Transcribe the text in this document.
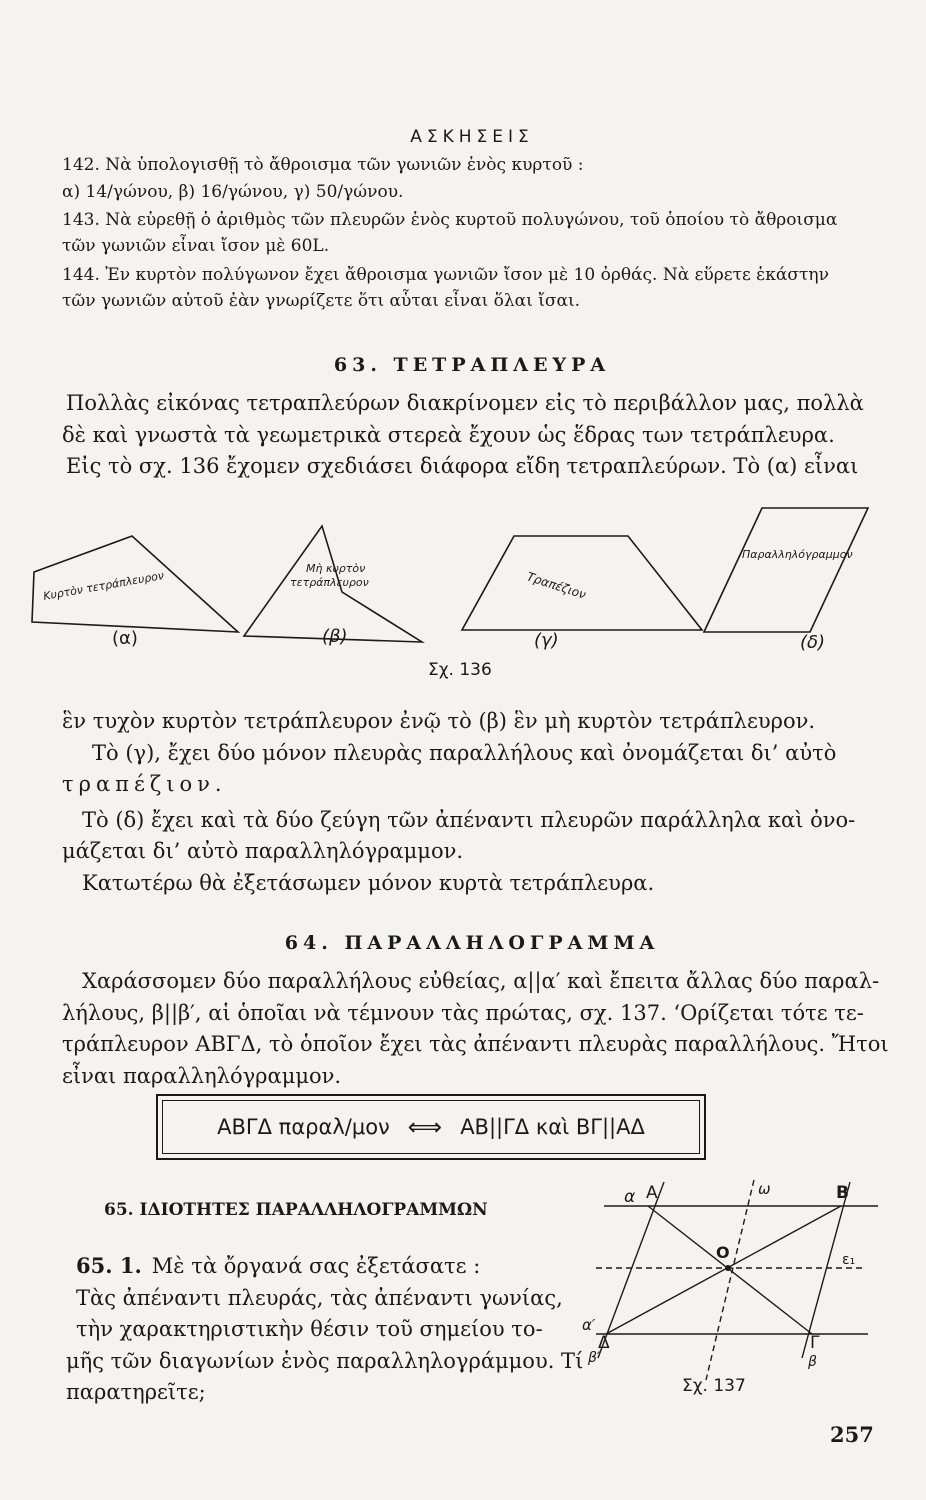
ΑΣΚΗΣΕΙΣ

142. Νὰ ὑπολογισθῇ τὸ ἄθροισμα τῶν γωνιῶν ἑνὸς κυρτοῦ :

α) 14/γώνου, β) 16/γώνου, γ) 50/γώνου.

143. Νὰ εὑρεθῇ ὁ ἀριθμὸς τῶν πλευρῶν ἑνὸς κυρτοῦ πολυγώνου, τοῦ ὁποίου τὸ ἄθροισμα

τῶν γωνιῶν εἶναι ἴσον μὲ 60L.

144. Ἐν κυρτὸν πολύγωνον ἔχει ἄθροισμα γωνιῶν ἴσον μὲ 10 ὀρθάς. Νὰ εὕρετε ἑκάστην

τῶν γωνιῶν αὐτοῦ ἐὰν γνωρίζετε ὅτι αὗται εἶναι ὅλαι ἴσαι.

63. ΤΕΤΡΑΠΛΕΥΡΑ

Πολλὰς εἰκόνας τετραπλεύρων διακρίνομεν εἰς τὸ περιβάλλον μας, πολλὰ

δὲ καὶ γνωστὰ τὰ γεωμετρικὰ στερεὰ ἔχουν ὡς ἕδρας των τετράπλευρα.

Εἰς τὸ σχ. 136 ἔχομεν σχεδιάσει διάφορα εἴδη τετραπλεύρων. Τὸ (α) εἶναι

Κυρτὸν τετράπλευρον
Μὴ κυρτὸν
τετράπλευρον	Τραπέζιον
Παραλληλόγραμμον
(α)	(β)	(γ)	(δ)
Σχ. 136

ἓν τυχὸν κυρτὸν τετράπλευρον ἐνῷ τὸ (β) ἓν μὴ κυρτὸν τετράπλευρον.

Τὸ (γ), ἔχει δύο μόνον πλευρὰς παραλλήλους καὶ ὀνομάζεται δι’ αὐτὸ

τραπέζιον.

Τὸ (δ) ἔχει καὶ τὰ δύο ζεύγη τῶν ἀπέναντι πλευρῶν παράλληλα καὶ ὀνο-

μάζεται δι’ αὐτὸ παραλληλόγραμμον.

Κατωτέρω θὰ ἐξετάσωμεν μόνον κυρτὰ τετράπλευρα.

64. ΠΑΡΑΛΛΗΛΟΓΡΑΜΜΑ

Χαράσσομεν δύο παραλλήλους εὐθείας, α||α′ καὶ ἔπειτα ἄλλας δύο παραλ-

λήλους, β||β′, αἱ ὁποῖαι νὰ τέμνουν τὰς πρώτας, σχ. 137. ‘Ορίζεται τότε τε-

τράπλευρον ΑΒΓΔ, τὸ ὁποῖον ἔχει τὰς ἀπέναντι πλευρὰς παραλλήλους. Ἤτοι

εἶναι παραλληλόγραμμον.

ΑΒΓΔ παραλ/μον ⟺ ΑΒ||ΓΔ καὶ ΒΓ||ΑΔ
65. ΙΔΙΟΤΗΤΕΣ ΠΑΡΑΛΛΗΛΟΓΡΑΜΜΩΝ

65. 1. Μὲ τὰ ὄργανά σας ἐξετάσατε :

Τὰς ἀπέναντι πλευράς, τὰς ἀπέναντι γωνίας,

τὴν χαρακτηριστικὴν θέσιν τοῦ σημείου το-

μῆς τῶν διαγωνίων ἑνὸς παραλληλογράμμου. Τί

παρατηρεῖτε;

α Α	ω	Β
Ο	ε₁
α′
Δ
β′
Γ
β
Σχ. 137
257
